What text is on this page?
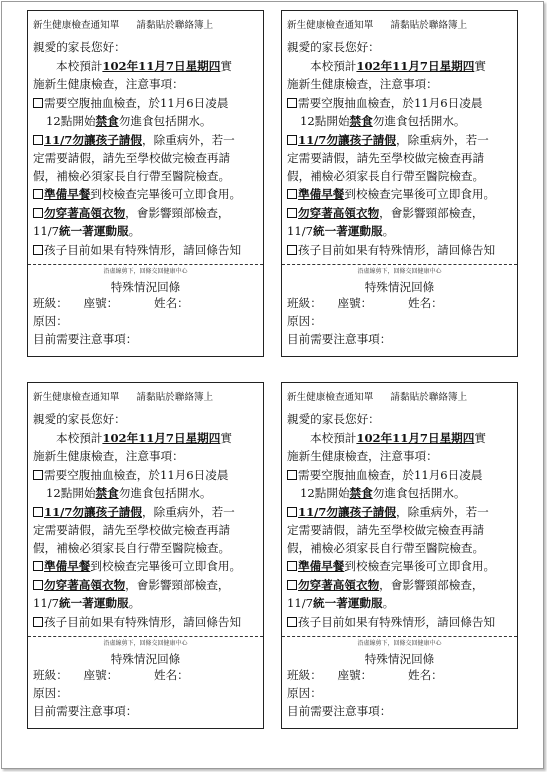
新生健康檢查通知單 請黏貼於聯絡簿上
親愛的家長您好：
本校預計102年11月7日星期四實
施新生健康檢查，注意事項：
需要空腹抽血檢查，於11月6日凌晨
12點開始禁食勿進食包括開水。
11/7勿讓孩子請假，除重病外，若一
定需要請假，請先至學校做完檢查再請
假，補檢必須家長自行帶至醫院檢查。
準備早餐到校檢查完畢後可立即食用。
勿穿著高領衣物，會影響頸部檢查，
11/7統一著運動服。
孩子目前如果有特殊情形，請回條告知
沿虛線剪下，回條交回健康中心
特殊情況回條
班級： 座號：	姓名：
原因：
目前需要注意事項：
新生健康檢查通知單 請黏貼於聯絡簿上
親愛的家長您好：
本校預計102年11月7日星期四實
施新生健康檢查，注意事項：
需要空腹抽血檢查，於11月6日凌晨
12點開始禁食勿進食包括開水。
11/7勿讓孩子請假，除重病外，若一
定需要請假，請先至學校做完檢查再請
假，補檢必須家長自行帶至醫院檢查。
準備早餐到校檢查完畢後可立即食用。
勿穿著高領衣物，會影響頸部檢查，
11/7統一著運動服。
孩子目前如果有特殊情形，請回條告知
沿虛線剪下，回條交回健康中心
特殊情況回條
班級： 座號：	姓名：
原因：
目前需要注意事項：
新生健康檢查通知單 請黏貼於聯絡簿上
親愛的家長您好：
本校預計102年11月7日星期四實
施新生健康檢查，注意事項：
需要空腹抽血檢查，於11月6日凌晨
12點開始禁食勿進食包括開水。
11/7勿讓孩子請假，除重病外，若一
定需要請假，請先至學校做完檢查再請
假，補檢必須家長自行帶至醫院檢查。
準備早餐到校檢查完畢後可立即食用。
勿穿著高領衣物，會影響頸部檢查，
11/7統一著運動服。
孩子目前如果有特殊情形，請回條告知
沿虛線剪下，回條交回健康中心
特殊情況回條
班級： 座號：	姓名：
原因：
目前需要注意事項：
新生健康檢查通知單 請黏貼於聯絡簿上
親愛的家長您好：
本校預計102年11月7日星期四實
施新生健康檢查，注意事項：
需要空腹抽血檢查，於11月6日凌晨
12點開始禁食勿進食包括開水。
11/7勿讓孩子請假，除重病外，若一
定需要請假，請先至學校做完檢查再請
假，補檢必須家長自行帶至醫院檢查。
準備早餐到校檢查完畢後可立即食用。
勿穿著高領衣物，會影響頸部檢查，
11/7統一著運動服。
孩子目前如果有特殊情形，請回條告知
沿虛線剪下，回條交回健康中心
特殊情況回條
班級： 座號：	姓名：
原因：
目前需要注意事項：
